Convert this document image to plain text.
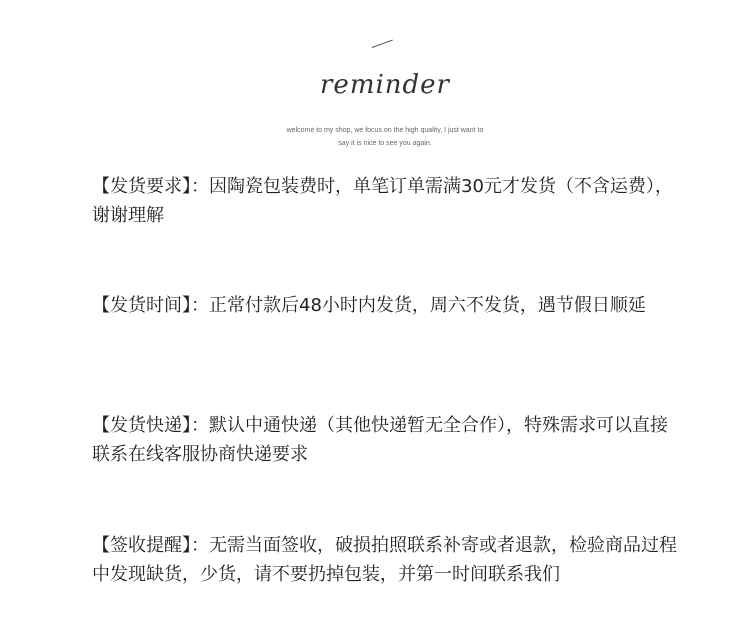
reminder
welcome to my shop, we focus on the high quality, I just want to
say it is nice to see you again.
【发货要求】：因陶瓷包装费时，单笔订单需满30元才发货（不含运费），谢谢理解
【发货时间】：正常付款后48小时内发货，周六不发货，遇节假日顺延
【发货快递】：默认中通快递（其他快递暂无全合作），特殊需求可以直接联系在线客服协商快递要求
【签收提醒】：无需当面签收，破损拍照联系补寄或者退款，检验商品过程中发现缺货，少货，请不要扔掉包装，并第一时间联系我们
